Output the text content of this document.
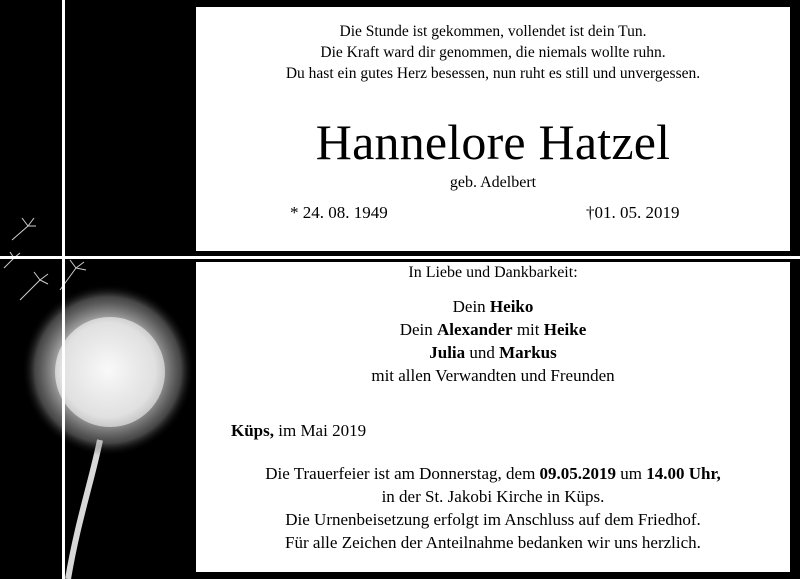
Die Stunde ist gekommen, vollendet ist dein Tun.
Die Kraft ward dir genommen, die niemals wollte ruhn.
Du hast ein gutes Herz besessen, nun ruht es still und unvergessen.
Hannelore Hatzel
geb. Adelbert
* 24. 08. 1949	†01. 05. 2019
In Liebe und Dankbarkeit:
Dein Heiko
Dein Alexander mit Heike
Julia und Markus
mit allen Verwandten und Freunden
Küps, im Mai 2019
Die Trauerfeier ist am Donnerstag, dem 09.05.2019 um 14.00 Uhr,
in der St. Jakobi Kirche in Küps.
Die Urnenbeisetzung erfolgt im Anschluss auf dem Friedhof.
Für alle Zeichen der Anteilnahme bedanken wir uns herzlich.
